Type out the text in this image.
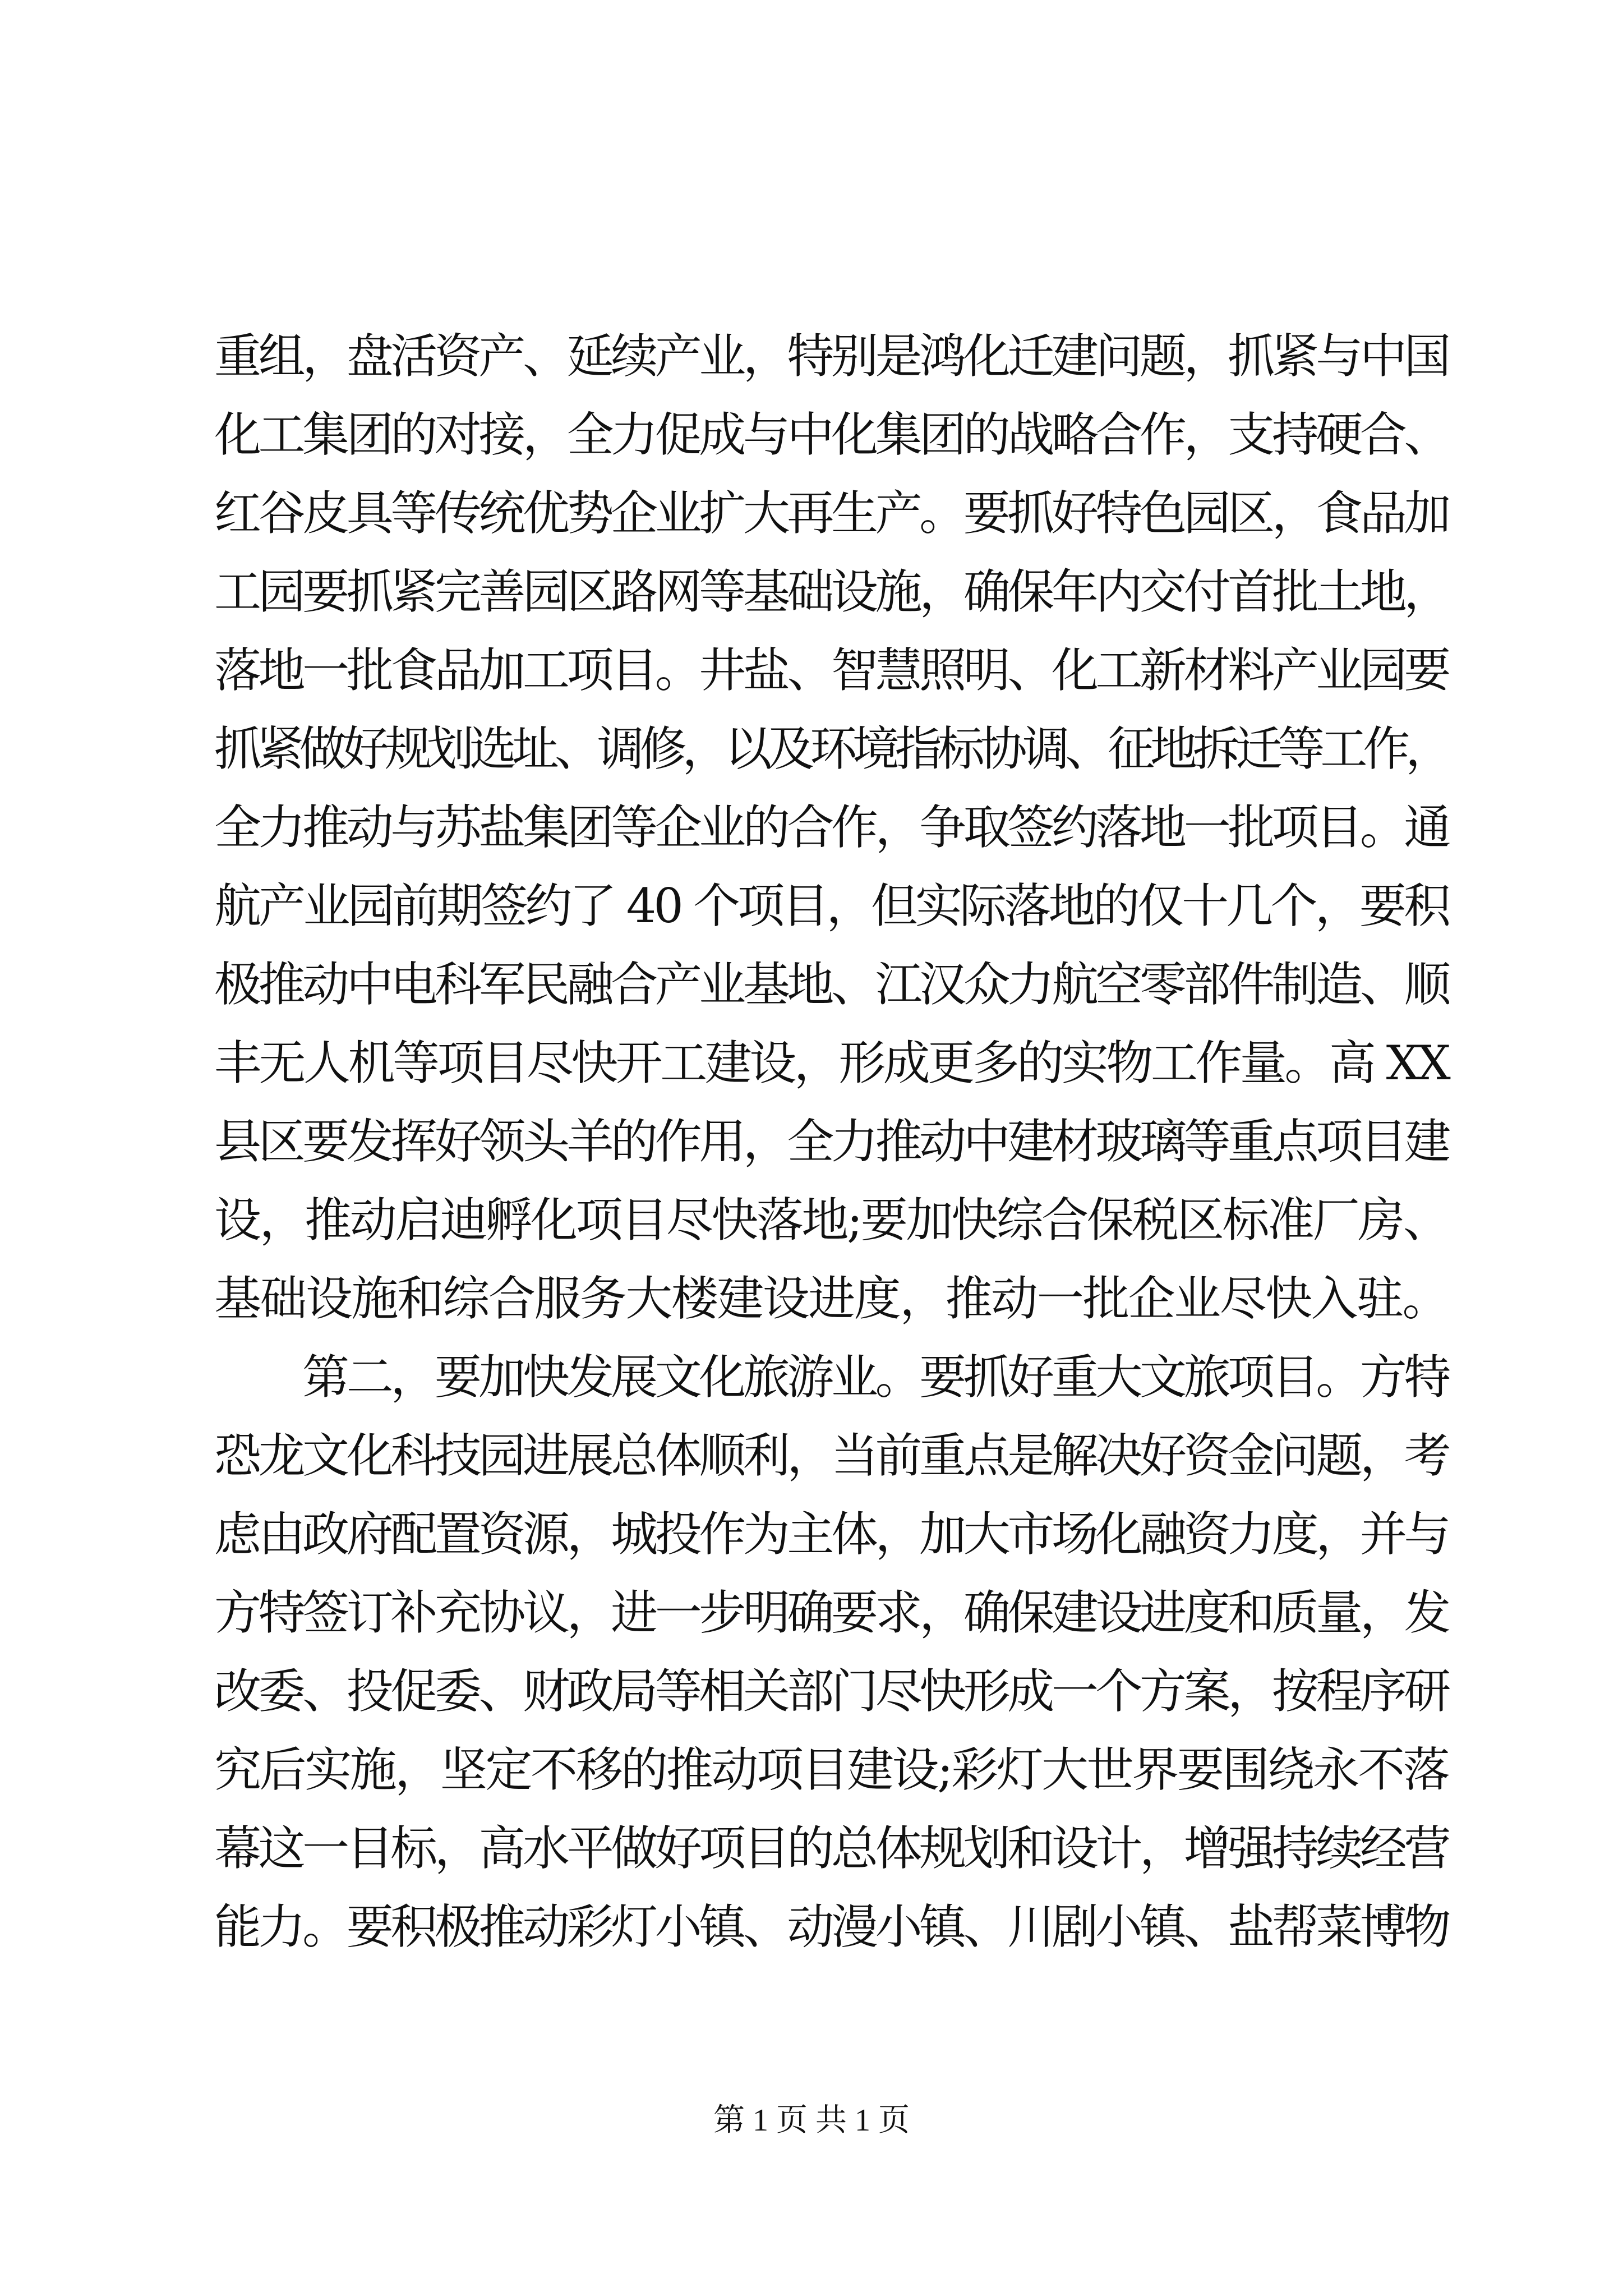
重组，盘活资产、延续产业，特别是鸿化迁建问题，抓紧与中国
化工集团的对接，全力促成与中化集团的战略合作，支持硬合、
红谷皮具等传统优势企业扩大再生产。要抓好特色园区，食品加
工园要抓紧完善园区路网等基础设施，确保年内交付首批土地，
落地一批食品加工项目。井盐、智慧照明、化工新材料产业园要
抓紧做好规划选址、调修，以及环境指标协调、征地拆迁等工作，
全力推动与苏盐集团等企业的合作，争取签约落地一批项目。通
航产业园前期签约了 40 个项目，但实际落地的仅十几个，要积
极推动中电科军民融合产业基地、江汉众力航空零部件制造、顺
丰无人机等项目尽快开工建设，形成更多的实物工作量。高 XX
县区要发挥好领头羊的作用，全力推动中建材玻璃等重点项目建
设，推动启迪孵化项目尽快落地;要加快综合保税区标准厂房、
基础设施和综合服务大楼建设进度，推动一批企业尽快入驻。
　　第二，要加快发展文化旅游业。要抓好重大文旅项目。方特
恐龙文化科技园进展总体顺利，当前重点是解决好资金问题，考
虑由政府配置资源，城投作为主体，加大市场化融资力度，并与
方特签订补充协议，进一步明确要求，确保建设进度和质量，发
改委、投促委、财政局等相关部门尽快形成一个方案，按程序研
究后实施，坚定不移的推动项目建设;彩灯大世界要围绕永不落
幕这一目标，高水平做好项目的总体规划和设计，增强持续经营
能力。要积极推动彩灯小镇、动漫小镇、川剧小镇、盐帮菜博物
第 1 页 共 1 页
